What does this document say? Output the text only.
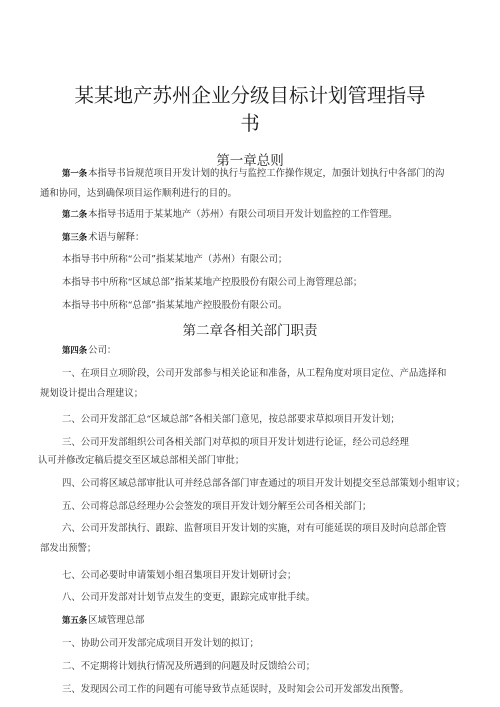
某某地产苏州企业分级目标计划管理指导
书
第一章总则
第一条本指导书旨规范项目开发计划的执行与监控工作操作规定，加强计划执行中各部门的沟通和协同，达到确保项目运作顺利进行的目的。
第二条本指导书适用于某某地产（苏州）有限公司项目开发计划监控的工作管理。
第三条术语与解释：
本指导书中所称“公司”指某某地产（苏州）有限公司；
本指导书中所称“区域总部”指某某地产控股股份有限公司上海管理总部；
本指导书中所称“总部”指某某地产控股股份有限公司。
第二章各相关部门职责
第四条公司：
一、在项目立项阶段，公司开发部参与相关论证和准备，从工程角度对项目定位、产品选择和规划设计提出合理建议；
二、公司开发部汇总“区域总部”各相关部门意见，按总部要求草拟项目开发计划；
三、公司开发部组织公司各相关部门对草拟的项目开发计划进行论证，经公司总经理
认可并修改定稿后提交至区域总部相关部门审批；
四、公司将区域总部审批认可并经总部各部门审查通过的项目开发计划提交至总部策划小组审议；
五、公司将总部总经理办公会签发的项目开发计划分解至公司各相关部门；
六、公司开发部执行、跟踪、监督项目开发计划的实施，对有可能延误的项目及时向总部企管部发出预警；
七、公司必要时申请策划小组召集项目开发计划研讨会；
八、公司开发部对计划节点发生的变更，跟踪完成审批手续。
第五条区域管理总部
一、协助公司开发部完成项目开发计划的拟订；
二、不定期将计划执行情况及所遇到的问题及时反馈给公司；
三、发现因公司工作的问题有可能导致节点延误时，及时知会公司开发部发出预警。
